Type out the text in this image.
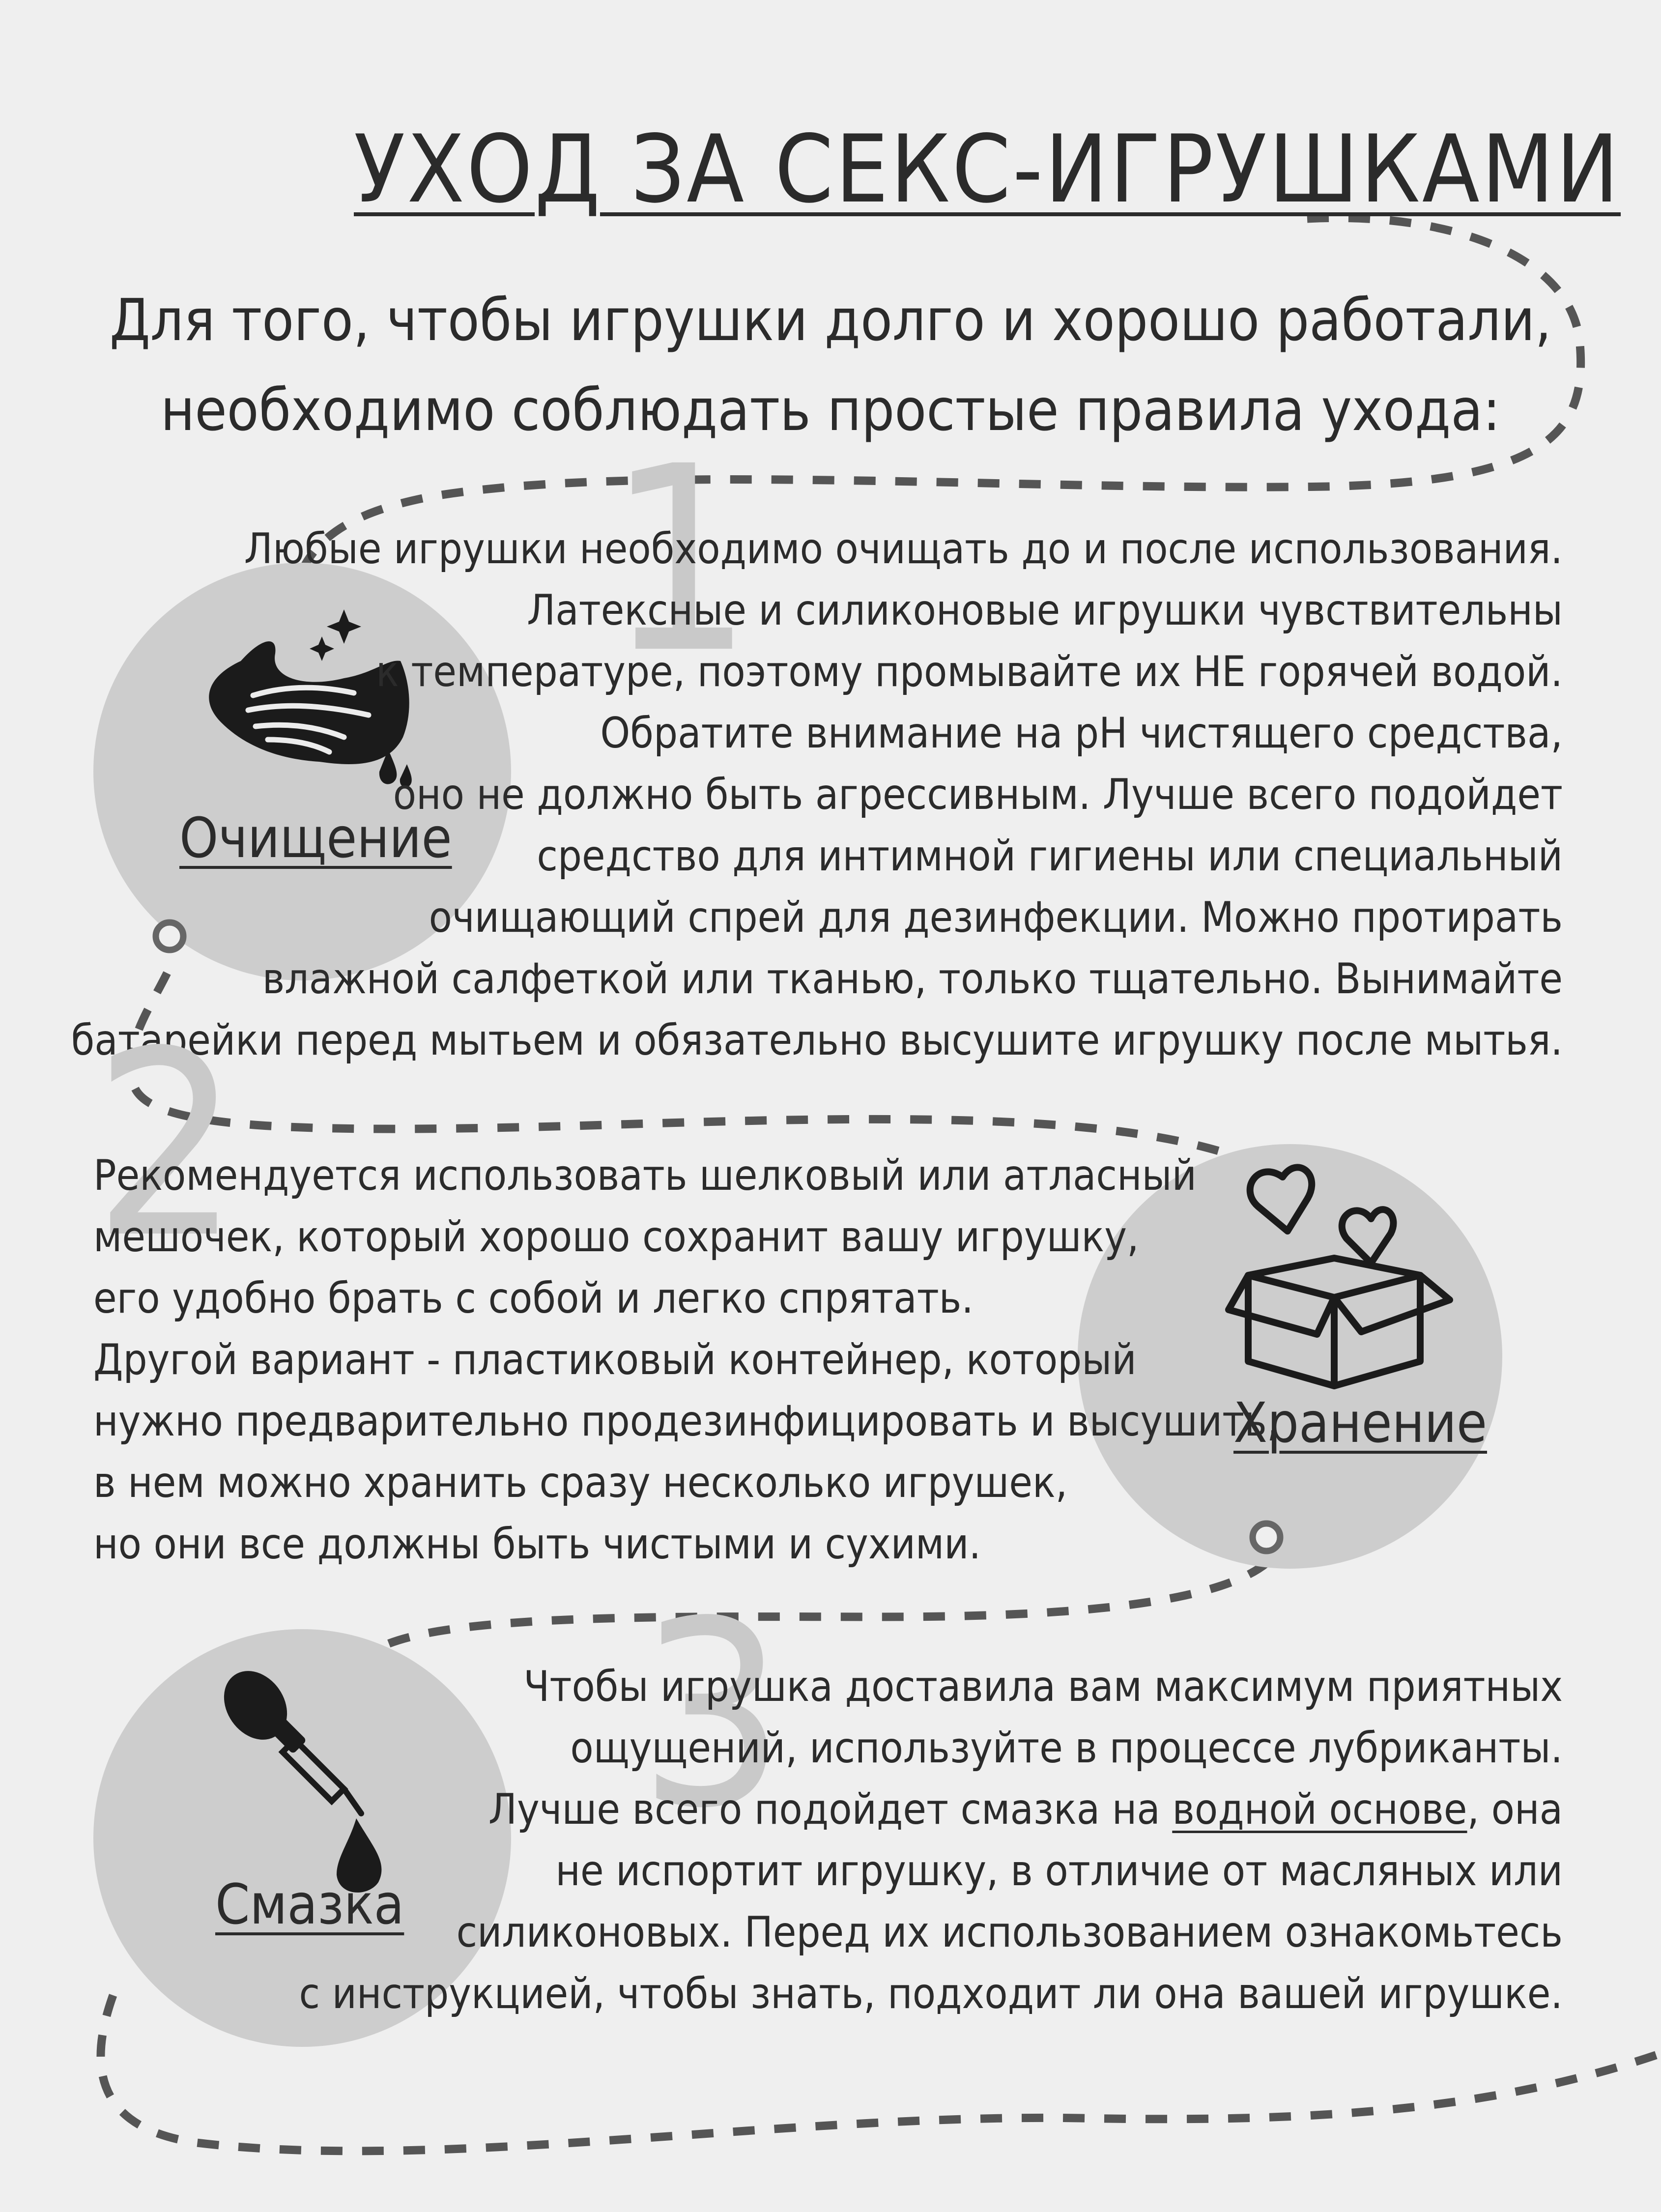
УХОД ЗА СЕКС-ИГРУШКАМИ
Для того, чтобы игрушки долго и хорошо работали,
необходимо соблюдать простые правила ухода:
1
Очищение
Любые игрушки необходимо очищать до и после использования.
Латексные и силиконовые игрушки чувствительны
к температуре, поэтому промывайте их НЕ горячей водой.
Обратите внимание на pH чистящего средства,
оно не должно быть агрессивным. Лучше всего подойдет
средство для интимной гигиены или специальный
очищающий спрей для дезинфекции. Можно протирать
влажной салфеткой или тканью, только тщательно. Вынимайте
батарейки перед мытьем и обязательно высушите игрушку после мытья.
2
Хранение
Рекомендуется использовать шелковый или атласный
мешочек, который хорошо сохранит вашу игрушку,
его удобно брать с собой и легко спрятать.
Другой вариант - пластиковый контейнер, который
нужно предварительно продезинфицировать и высушить,
в нем можно хранить сразу несколько игрушек,
но они все должны быть чистыми и сухими.
3
Смазка
Чтобы игрушка доставила вам максимум приятных
ощущений, используйте в процессе лубриканты.
Лучше всего подойдет смазка на водной основе, она
не испортит игрушку, в отличие от масляных или
силиконовых. Перед их использованием ознакомьтесь
с инструкцией, чтобы знать, подходит ли она вашей игрушке.
